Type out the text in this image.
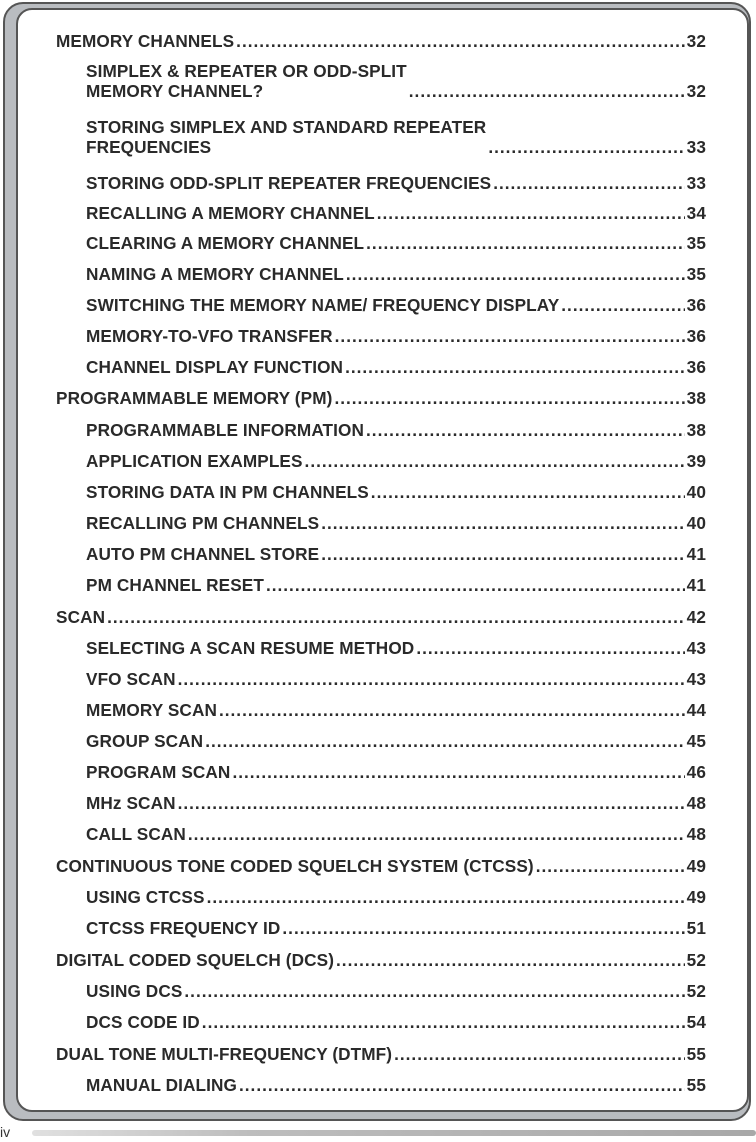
MEMORY CHANNELS .....	32
SIMPLEX & REPEATER OR ODD-SPLIT
MEMORY CHANNEL? .....	32
STORING SIMPLEX AND STANDARD REPEATER
FREQUENCIES .....	33
STORING ODD-SPLIT REPEATER FREQUENCIES .....	33
RECALLING A MEMORY CHANNEL .....	34
CLEARING A MEMORY CHANNEL .....	35
NAMING A MEMORY CHANNEL .....	35
SWITCHING THE MEMORY NAME/ FREQUENCY DISPLAY .....	36
MEMORY-TO-VFO TRANSFER .....	36
CHANNEL DISPLAY FUNCTION .....	36
PROGRAMMABLE MEMORY (PM) .....	38
PROGRAMMABLE INFORMATION .....	38
APPLICATION EXAMPLES .....	39
STORING DATA IN PM CHANNELS .....	40
RECALLING PM CHANNELS .....	40
AUTO PM CHANNEL STORE .....	41
PM CHANNEL RESET .....	41
SCAN .....	42
SELECTING A SCAN RESUME METHOD .....	43
VFO SCAN .....	43
MEMORY SCAN .....	44
GROUP SCAN .....	45
PROGRAM SCAN .....	46
MHz SCAN .....	48
CALL SCAN .....	48
CONTINUOUS TONE CODED SQUELCH SYSTEM (CTCSS) .....	49
USING CTCSS .....	49
CTCSS FREQUENCY ID .....	51
DIGITAL CODED SQUELCH (DCS) .....	52
USING DCS .....	52
DCS CODE ID .....	54
DUAL TONE MULTI-FREQUENCY (DTMF) .....	55
MANUAL DIALING .....	55
iv
